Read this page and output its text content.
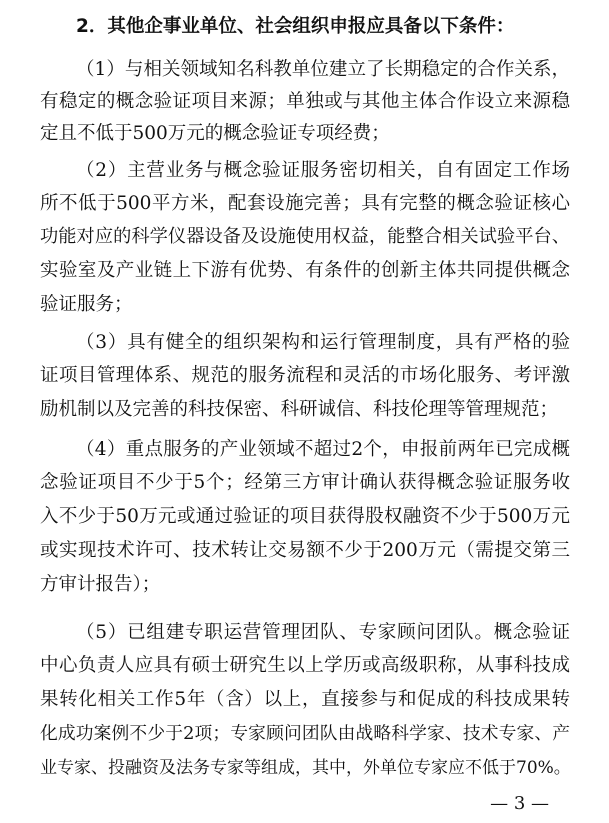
2．其他企事业单位、社会组织申报应具备以下条件：
（1）与相关领域知名科教单位建立了长期稳定的合作关系，
有稳定的概念验证项目来源；单独或与其他主体合作设立来源稳
定且不低于500万元的概念验证专项经费；
（2）主营业务与概念验证服务密切相关，自有固定工作场
所不低于500平方米，配套设施完善；具有完整的概念验证核心
功能对应的科学仪器设备及设施使用权益，能整合相关试验平台、
实验室及产业链上下游有优势、有条件的创新主体共同提供概念
验证服务；
（3）具有健全的组织架构和运行管理制度，具有严格的验
证项目管理体系、规范的服务流程和灵活的市场化服务、考评激
励机制以及完善的科技保密、科研诚信、科技伦理等管理规范；
（4）重点服务的产业领域不超过2个，申报前两年已完成概
念验证项目不少于5个；经第三方审计确认获得概念验证服务收
入不少于50万元或通过验证的项目获得股权融资不少于500万元
或实现技术许可、技术转让交易额不少于200万元（需提交第三
方审计报告）；
（5）已组建专职运营管理团队、专家顾问团队。概念验证
中心负责人应具有硕士研究生以上学历或高级职称，从事科技成
果转化相关工作5年（含）以上，直接参与和促成的科技成果转
化成功案例不少于2项；专家顾问团队由战略科学家、技术专家、产
业专家、投融资及法务专家等组成，其中，外单位专家应不低于70%。
— 3 —
